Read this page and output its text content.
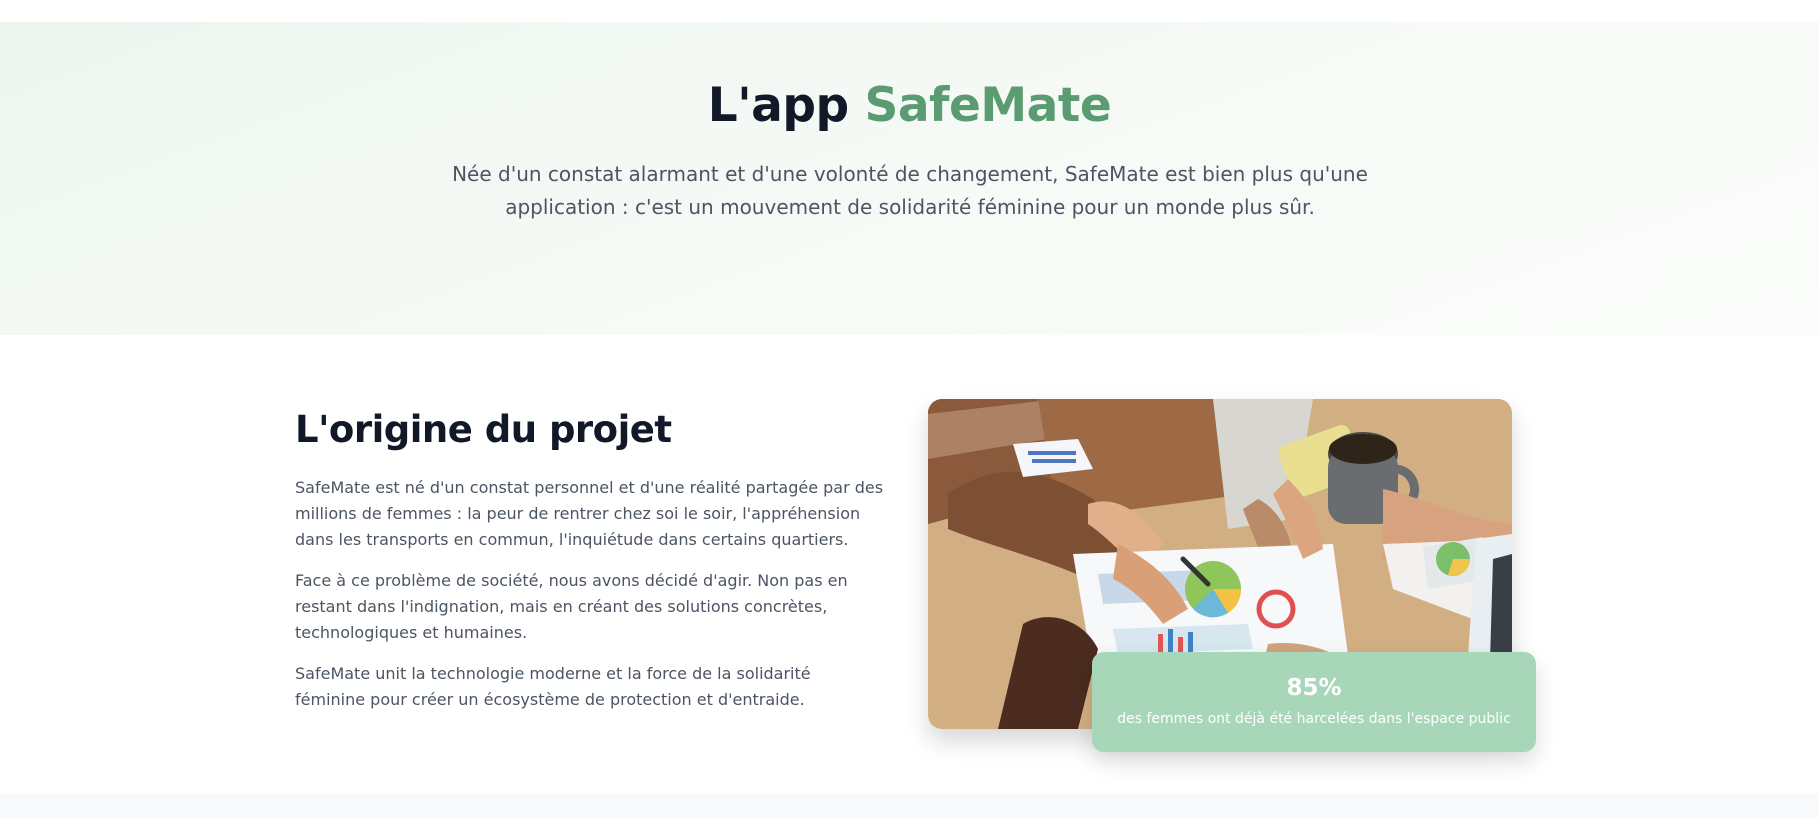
L'app SafeMate

Née d'un constat alarmant et d'une volonté de changement, SafeMate est bien plus qu'une application : c'est un mouvement de solidarité féminine pour un monde plus sûr.

L'origine du projet

SafeMate est né d'un constat personnel et d'une réalité partagée par des millions de femmes : la peur de rentrer chez soi le soir, l'appréhension dans les transports en commun, l'inquiétude dans certains quartiers.

Face à ce problème de société, nous avons décidé d'agir. Non pas en restant dans l'indignation, mais en créant des solutions concrètes, technologiques et humaines.

SafeMate unit la technologie moderne et la force de la solidarité féminine pour créer un écosystème de protection et d'entraide.	85%
des femmes ont déjà été harcelées dans l'espace public
